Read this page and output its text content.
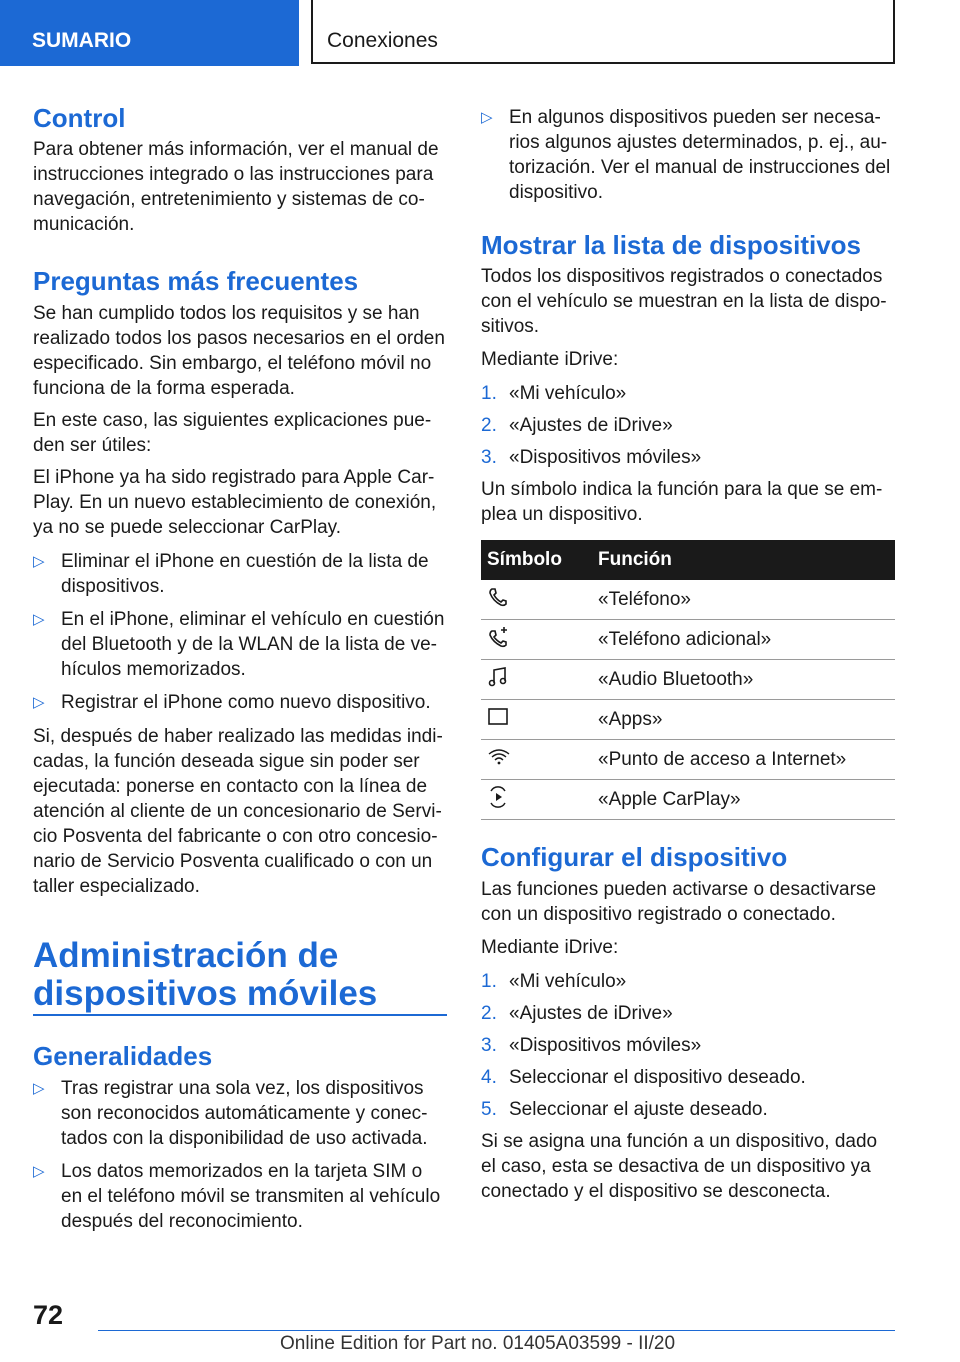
SUMARIO	Conexiones
Control

Para obtener más información, ver el manual de instrucciones integrado o las instrucciones para navegación, entretenimiento y sistemas de comunicación.

Preguntas más frecuentes

Se han cumplido todos los requisitos y se han realizado todos los pasos necesarios en el orden especificado. Sin embargo, el teléfono móvil no funciona de la forma esperada.

En este caso, las siguientes explicaciones pueden ser útiles:

El iPhone ya ha sido registrado para Apple CarPlay. En un nuevo establecimiento de conexión, ya no se puede seleccionar CarPlay.

▷ Eliminar el iPhone en cuestión de la lista de dispositivos.
▷ En el iPhone, eliminar el vehículo en cuestión del Bluetooth y de la WLAN de la lista de vehículos memorizados.
▷ Registrar el iPhone como nuevo dispositivo.

Si, después de haber realizado las medidas indicadas, la función deseada sigue sin poder ser ejecutada: ponerse en contacto con la línea de atención al cliente de un concesionario de Servicio Posventa del fabricante o con otro concesionario de Servicio Posventa cualificado o con un taller especializado.

Administración de
dispositivos móviles
Generalidades
▷ Tras registrar una sola vez, los dispositivos son reconocidos automáticamente y conectados con la disponibilidad de uso activada.
▷ Los datos memorizados en la tarjeta SIM o en el teléfono móvil se transmiten al vehículo después del reconocimiento.
▷ En algunos dispositivos pueden ser necesarios algunos ajustes determinados, p. ej., autorización. Ver el manual de instrucciones del dispositivo.
Mostrar la lista de dispositivos

Todos los dispositivos registrados o conectados con el vehículo se muestran en la lista de dispositivos.

Mediante iDrive:

1. «Mi vehículo»
2. «Ajustes de iDrive»
3. «Dispositivos móviles»

Un símbolo indica la función para la que se emplea un dispositivo.

Configurar el dispositivo

Las funciones pueden activarse o desactivarse con un dispositivo registrado o conectado.

Mediante iDrive:

1. «Mi vehículo»
2. «Ajustes de iDrive»
3. «Dispositivos móviles»
4. Seleccionar el dispositivo deseado.
5. Seleccionar el ajuste deseado.

Si se asigna una función a un dispositivo, dado el caso, esta se desactiva de un dispositivo ya conectado y el dispositivo se desconecta.

Símbolo	Función
	«Teléfono»
	«Teléfono adicional»
	«Audio Bluetooth»
	«Apps»
	«Punto de acceso a Internet»
	«Apple CarPlay»
72
Online Edition for Part no. 01405A03599 - II/20
